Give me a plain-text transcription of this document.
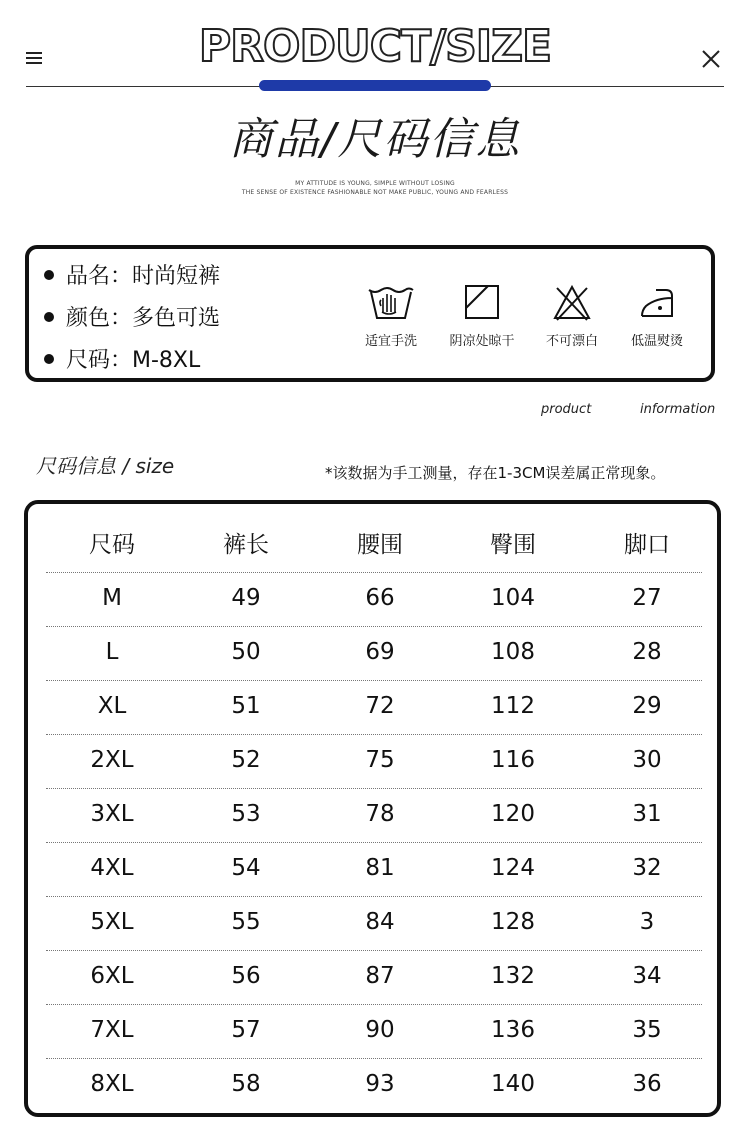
PRODUCT/SIZE
商品/尺码信息
MY ATTITUDE IS YOUNG, SIMPLE WITHOUT LOSING
THE SENSE OF EXISTENCE FASHIONABLE NOT MAKE PUBLIC, YOUNG AND FEARLESS
品名：时尚短裤
颜色：多色可选
尺码：M-8XL
适宜手洗	阴凉处晾干	不可漂白	低温熨烫
product	information
尺码信息 / size	*该数据为手工测量，存在1-3CM误差属正常现象。
尺码	裤长	腰围	臀围	脚口
M	49	66	104	27
L	50	69	108	28
XL	51	72	112	29
2XL	52	75	116	30
3XL	53	78	120	31
4XL	54	81	124	32
5XL	55	84	128	3
6XL	56	87	132	34
7XL	57	90	136	35
8XL	58	93	140	36
